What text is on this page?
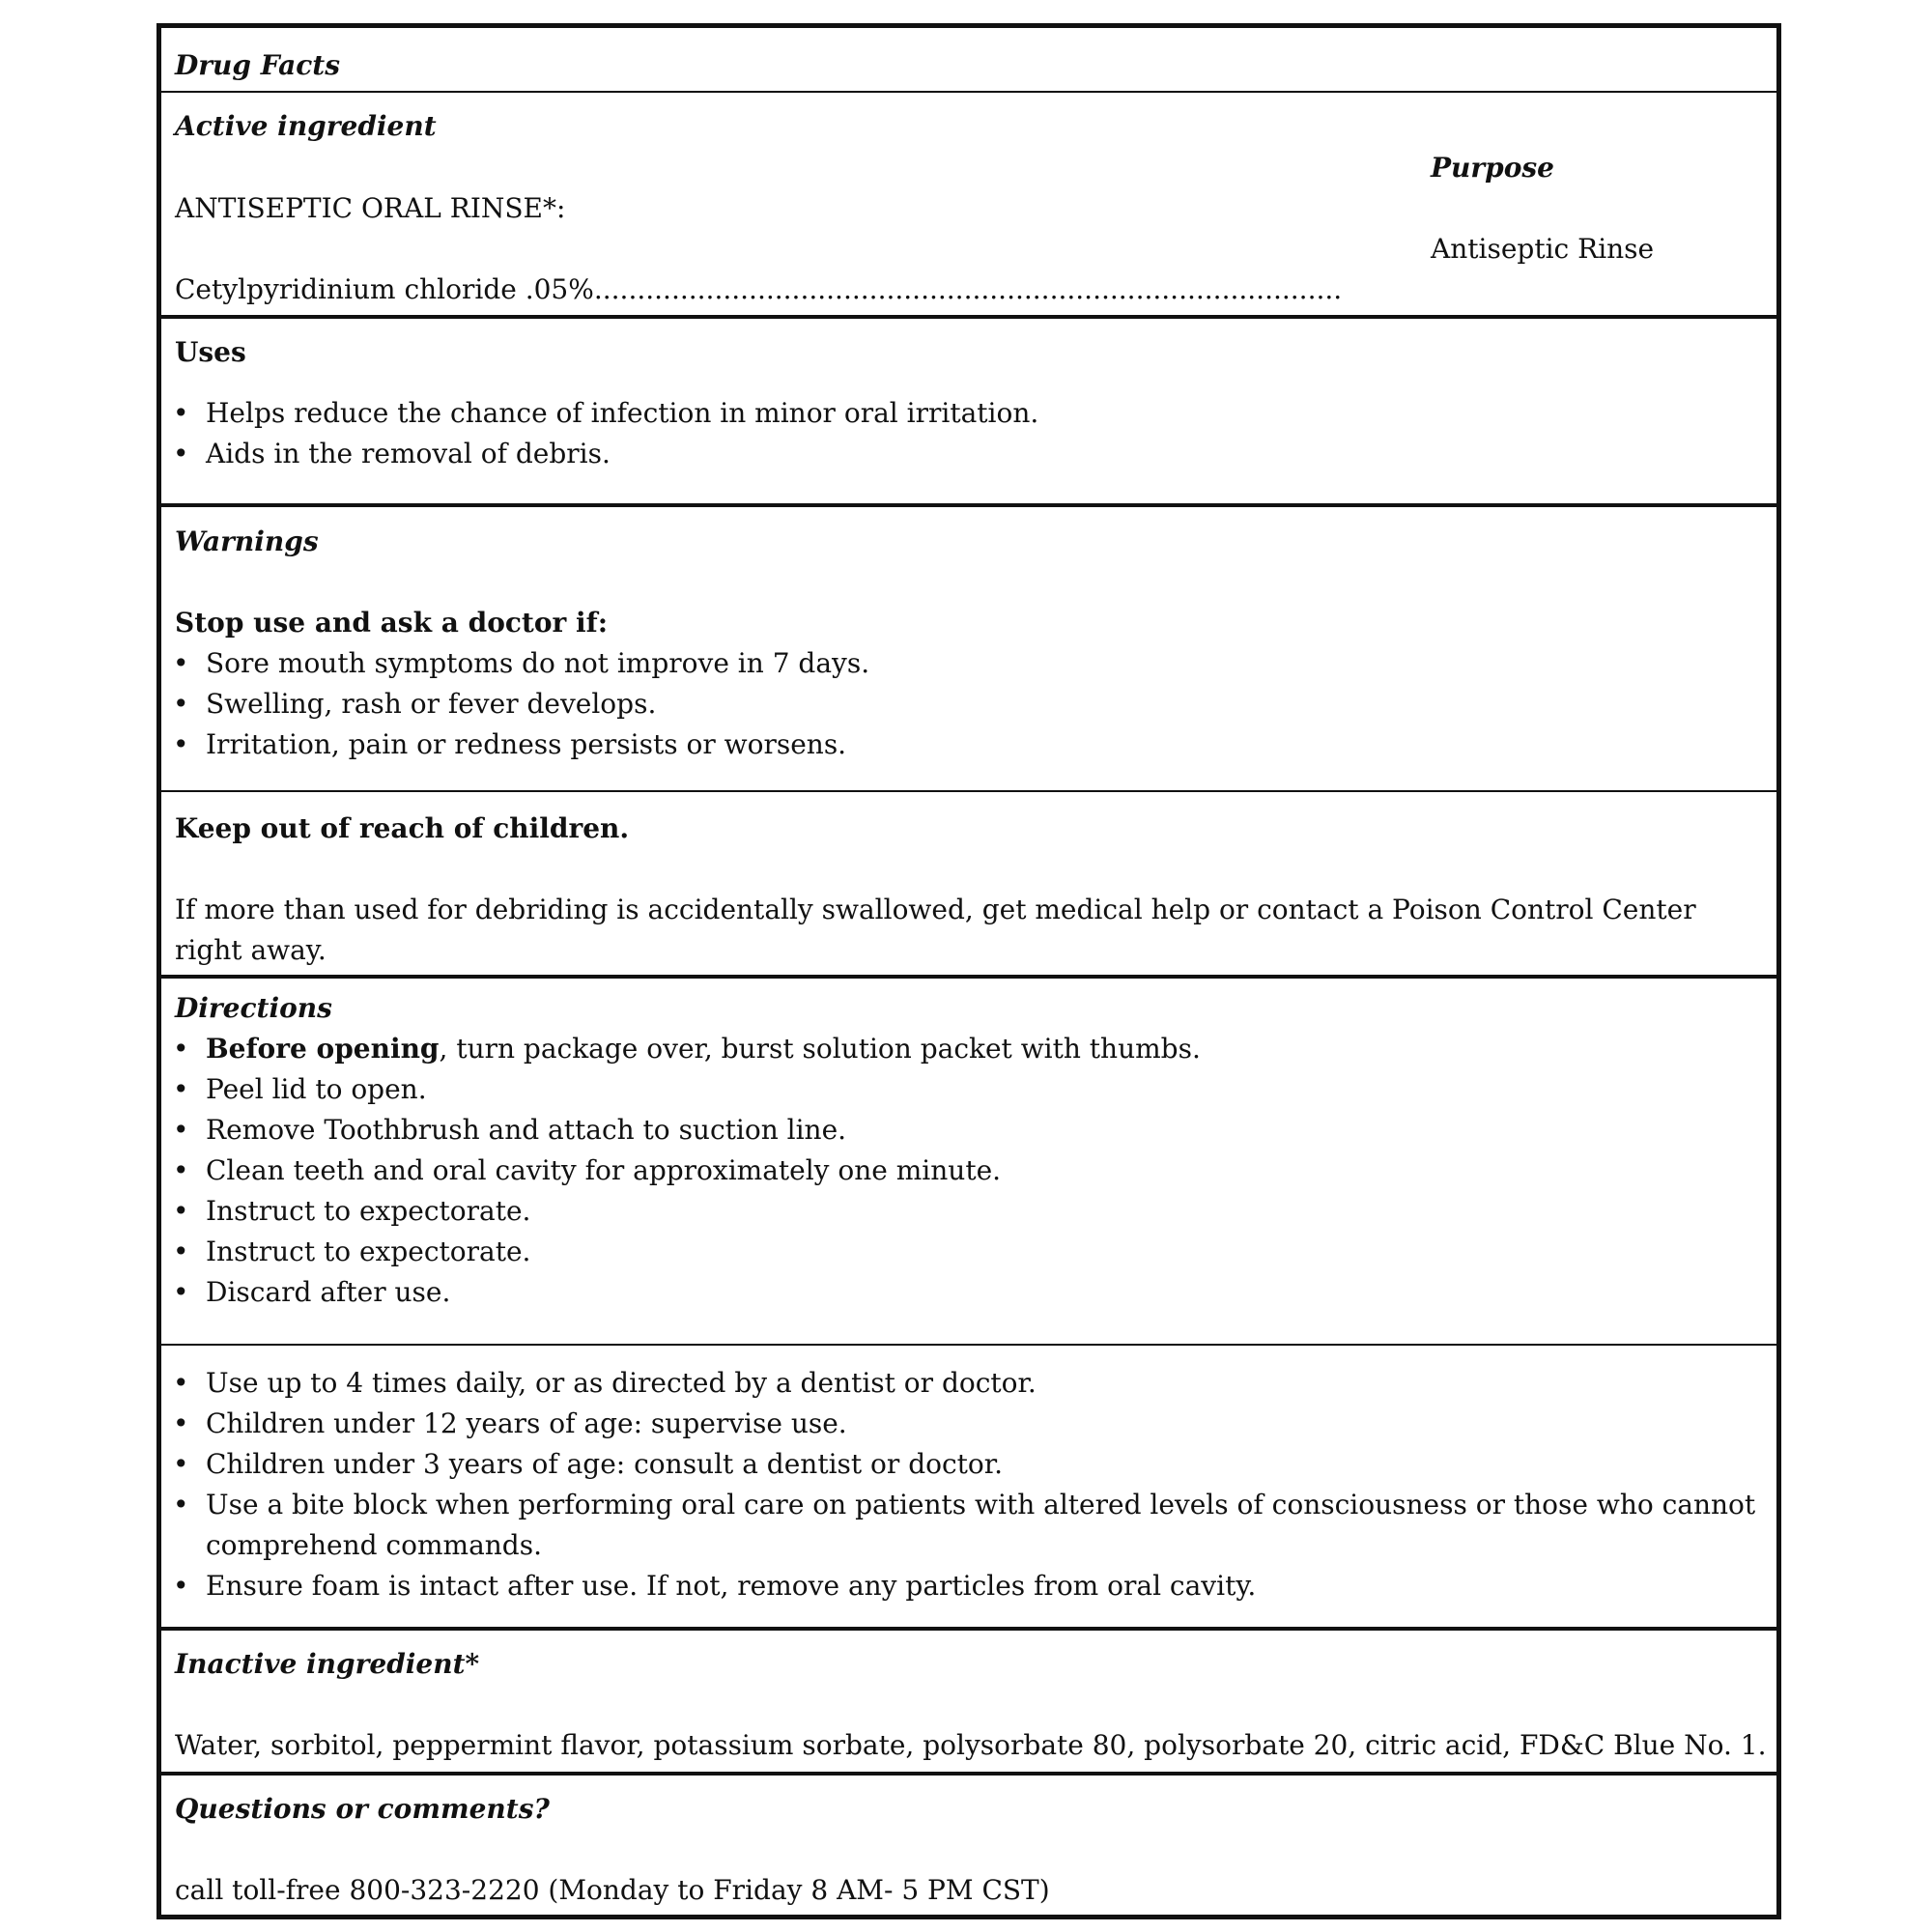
Drug Facts
Active ingredient
Purpose
ANTISEPTIC ORAL RINSE*:
Antiseptic Rinse
Cetylpyridinium chloride .05%.......................................................................................
Uses
• Helps reduce the chance of infection in minor oral irritation.
• Aids in the removal of debris.
Warnings
Stop use and ask a doctor if:
• Sore mouth symptoms do not improve in 7 days.
• Swelling, rash or fever develops.
• Irritation, pain or redness persists or worsens.
Keep out of reach of children.
If more than used for debriding is accidentally swallowed, get medical help or contact a Poison Control Center right away.
Directions
• Before opening, turn package over, burst solution packet with thumbs.
• Peel lid to open.
• Remove Toothbrush and attach to suction line.
• Clean teeth and oral cavity for approximately one minute.
• Instruct to expectorate.
• Instruct to expectorate.
• Discard after use.
• Use up to 4 times daily, or as directed by a dentist or doctor.
• Children under 12 years of age: supervise use.
• Children under 3 years of age: consult a dentist or doctor.
• Use a bite block when performing oral care on patients with altered levels of consciousness or those who cannot comprehend commands.
• Ensure foam is intact after use. If not, remove any particles from oral cavity.
Inactive ingredient*
Water, sorbitol, peppermint flavor, potassium sorbate, polysorbate 80, polysorbate 20, citric acid, FD&C Blue No. 1.
Questions or comments?
call toll-free 800-323-2220 (Monday to Friday 8 AM- 5 PM CST)
